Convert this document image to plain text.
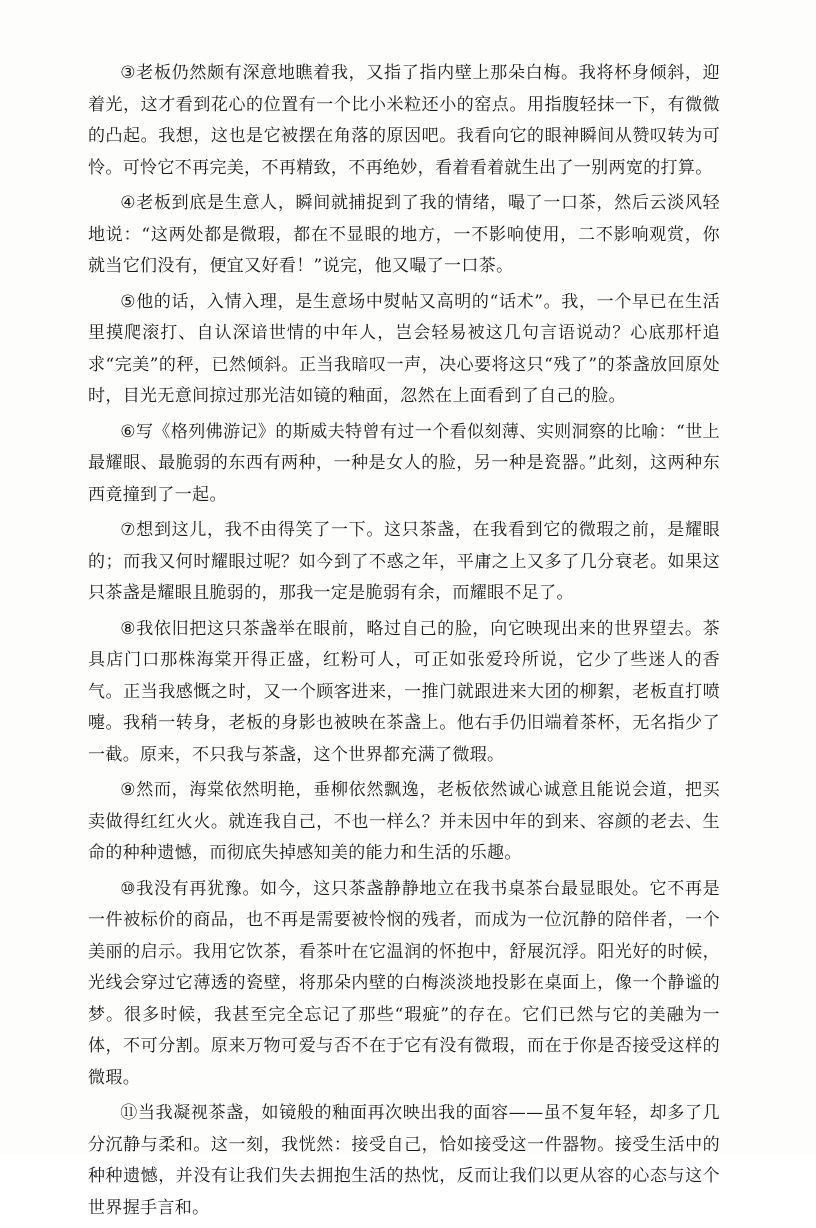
③老板仍然颇有深意地瞧着我，又指了指内壁上那朵白梅。我将杯身倾斜，迎着光，这才看到花心的位置有一个比小米粒还小的窑点。用指腹轻抹一下，有微微的凸起。我想，这也是它被摆在角落的原因吧。我看向它的眼神瞬间从赞叹转为可怜。可怜它不再完美，不再精致，不再绝妙，看着看着就生出了一别两宽的打算。

④老板到底是生意人，瞬间就捕捉到了我的情绪，嘬了一口茶，然后云淡风轻地说：“这两处都是微瑕，都在不显眼的地方，一不影响使用，二不影响观赏，你就当它们没有，便宜又好看！”说完，他又嘬了一口茶。

⑤他的话，入情入理，是生意场中熨帖又高明的“话术”。我，一个早已在生活里摸爬滚打、自认深谙世情的中年人，岂会轻易被这几句言语说动？心底那杆追求“完美”的秤，已然倾斜。正当我暗叹一声，决心要将这只“残了”的茶盏放回原处时，目光无意间掠过那光洁如镜的釉面，忽然在上面看到了自己的脸。

⑥写《格列佛游记》的斯威夫特曾有过一个看似刻薄、实则洞察的比喻：“世上最耀眼、最脆弱的东西有两种，一种是女人的脸，另一种是瓷器。”此刻，这两种东西竟撞到了一起。

⑦想到这儿，我不由得笑了一下。这只茶盏，在我看到它的微瑕之前，是耀眼的；而我又何时耀眼过呢？如今到了不惑之年，平庸之上又多了几分衰老。如果这只茶盏是耀眼且脆弱的，那我一定是脆弱有余，而耀眼不足了。

⑧我依旧把这只茶盏举在眼前，略过自己的脸，向它映现出来的世界望去。茶具店门口那株海棠开得正盛，红粉可人，可正如张爱玲所说，它少了些迷人的香气。正当我感慨之时，又一个顾客进来，一推门就跟进来大团的柳絮，老板直打喷嚏。我稍一转身，老板的身影也被映在茶盏上。他右手仍旧端着茶杯，无名指少了一截。原来，不只我与茶盏，这个世界都充满了微瑕。

⑨然而，海棠依然明艳，垂柳依然飘逸，老板依然诚心诚意且能说会道，把买卖做得红红火火。就连我自己，不也一样么？并未因中年的到来、容颜的老去、生命的种种遗憾，而彻底失掉感知美的能力和生活的乐趣。

⑩我没有再犹豫。如今，这只茶盏静静地立在我书桌茶台最显眼处。它不再是一件被标价的商品，也不再是需要被怜悯的残者，而成为一位沉静的陪伴者，一个美丽的启示。我用它饮茶，看茶叶在它温润的怀抱中，舒展沉浮。阳光好的时候，光线会穿过它薄透的瓷壁，将那朵内壁的白梅淡淡地投影在桌面上，像一个静谧的梦。很多时候，我甚至完全忘记了那些“瑕疵”的存在。它们已然与它的美融为一体，不可分割。原来万物可爱与否不在于它有没有微瑕，而在于你是否接受这样的微瑕。

⑪当我凝视茶盏，如镜般的釉面再次映出我的面容——虽不复年轻，却多了几分沉静与柔和。这一刻，我恍然：接受自己，恰如接受这一件器物。接受生活中的种种遗憾，并没有让我们失去拥抱生活的热忱，反而让我们以更从容的心态与这个世界握手言和。
